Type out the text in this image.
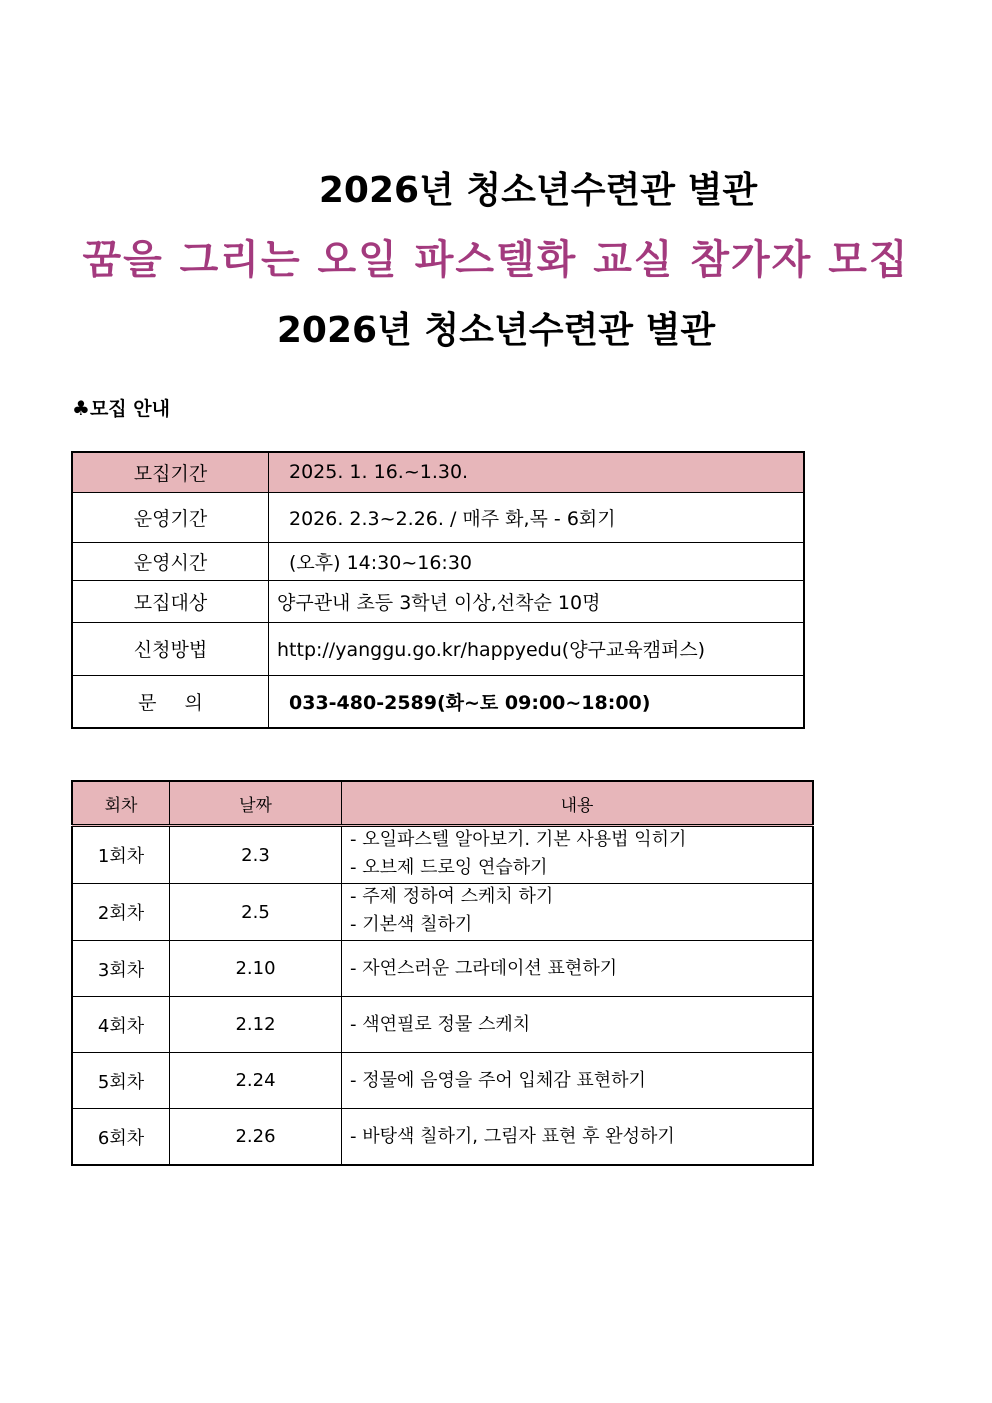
2026년 청소년수련관 별관
꿈을 그리는 오일 파스텔화 교실 참가자 모집
2026년 청소년수련관 별관
♣모집 안내
모집기간	2025. 1. 16.~1.30.
운영기간	2026. 2.3~2.26. / 매주 화,목 - 6회기
운영시간	(오후) 14:30~16:30
모집대상	양구관내 초등 3학년 이상,선착순 10명
신청방법	http://yanggu.go.kr/happyedu(양구교육캠퍼스)
문의	033-480-2589(화~토 09:00~18:00)
회차	날짜	내용
1회차	2.3	- 오일파스텔 알아보기. 기본 사용법 익히기
- 오브제 드로잉 연습하기

2회차	2.5	- 주제 정하여 스케치 하기
- 기본색 칠하기

3회차	2.10	- 자연스러운 그라데이션 표현하기

4회차	2.12	- 색연필로 정물 스케치

5회차	2.24	- 정물에 음영을 주어 입체감 표현하기

6회차	2.26	- 바탕색 칠하기, 그림자 표현 후 완성하기
